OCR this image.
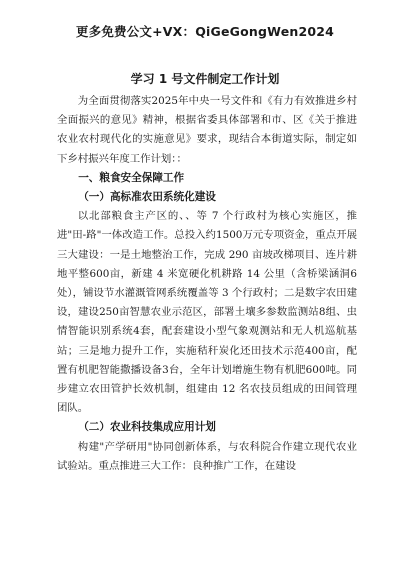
更多免费公文+VX：QiGeGongWen2024
学习 1 号文件制定工作计划

为全面贯彻落实2025年中央一号文件和《有力有效推进乡村全面振兴的意见》精神，根据省委具体部署和市、区《关于推进农业农村现代化的实施意见》要求，现结合本街道实际，制定如下乡村振兴年度工作计划：：

一、粮食安全保障工作

（一）高标准农田系统化建设

以北部粮食主产区的、、等 7 个行政村为核心实施区，推进"田-路"一体改造工作。总投入约1500万元专项资金，重点开展三大建设：一是土地整治工作，完成 290 亩坡改梯项目、连片耕地平整600亩，新建 4 米宽硬化机耕路 14 公里（含桥梁涵洞6处），铺设节水灌溉管网系统覆盖等 3 个行政村；二是数字农田建设，建设250亩智慧农业示范区，部署土壤多参数监测站8组、虫情智能识别系统4套，配套建设小型气象观测站和无人机巡航基站；三是地力提升工作，实施秸秆炭化还田技术示范400亩，配置有机肥智能撒播设备3台，全年计划增施生物有机肥600吨。同步建立农田管护长效机制，组建由 12 名农技员组成的田间管理团队。

（二）农业科技集成应用计划

构建"产学研用"协同创新体系，与农科院合作建立现代农业试验站。重点推进三大工作：良种推广工作，在建设
